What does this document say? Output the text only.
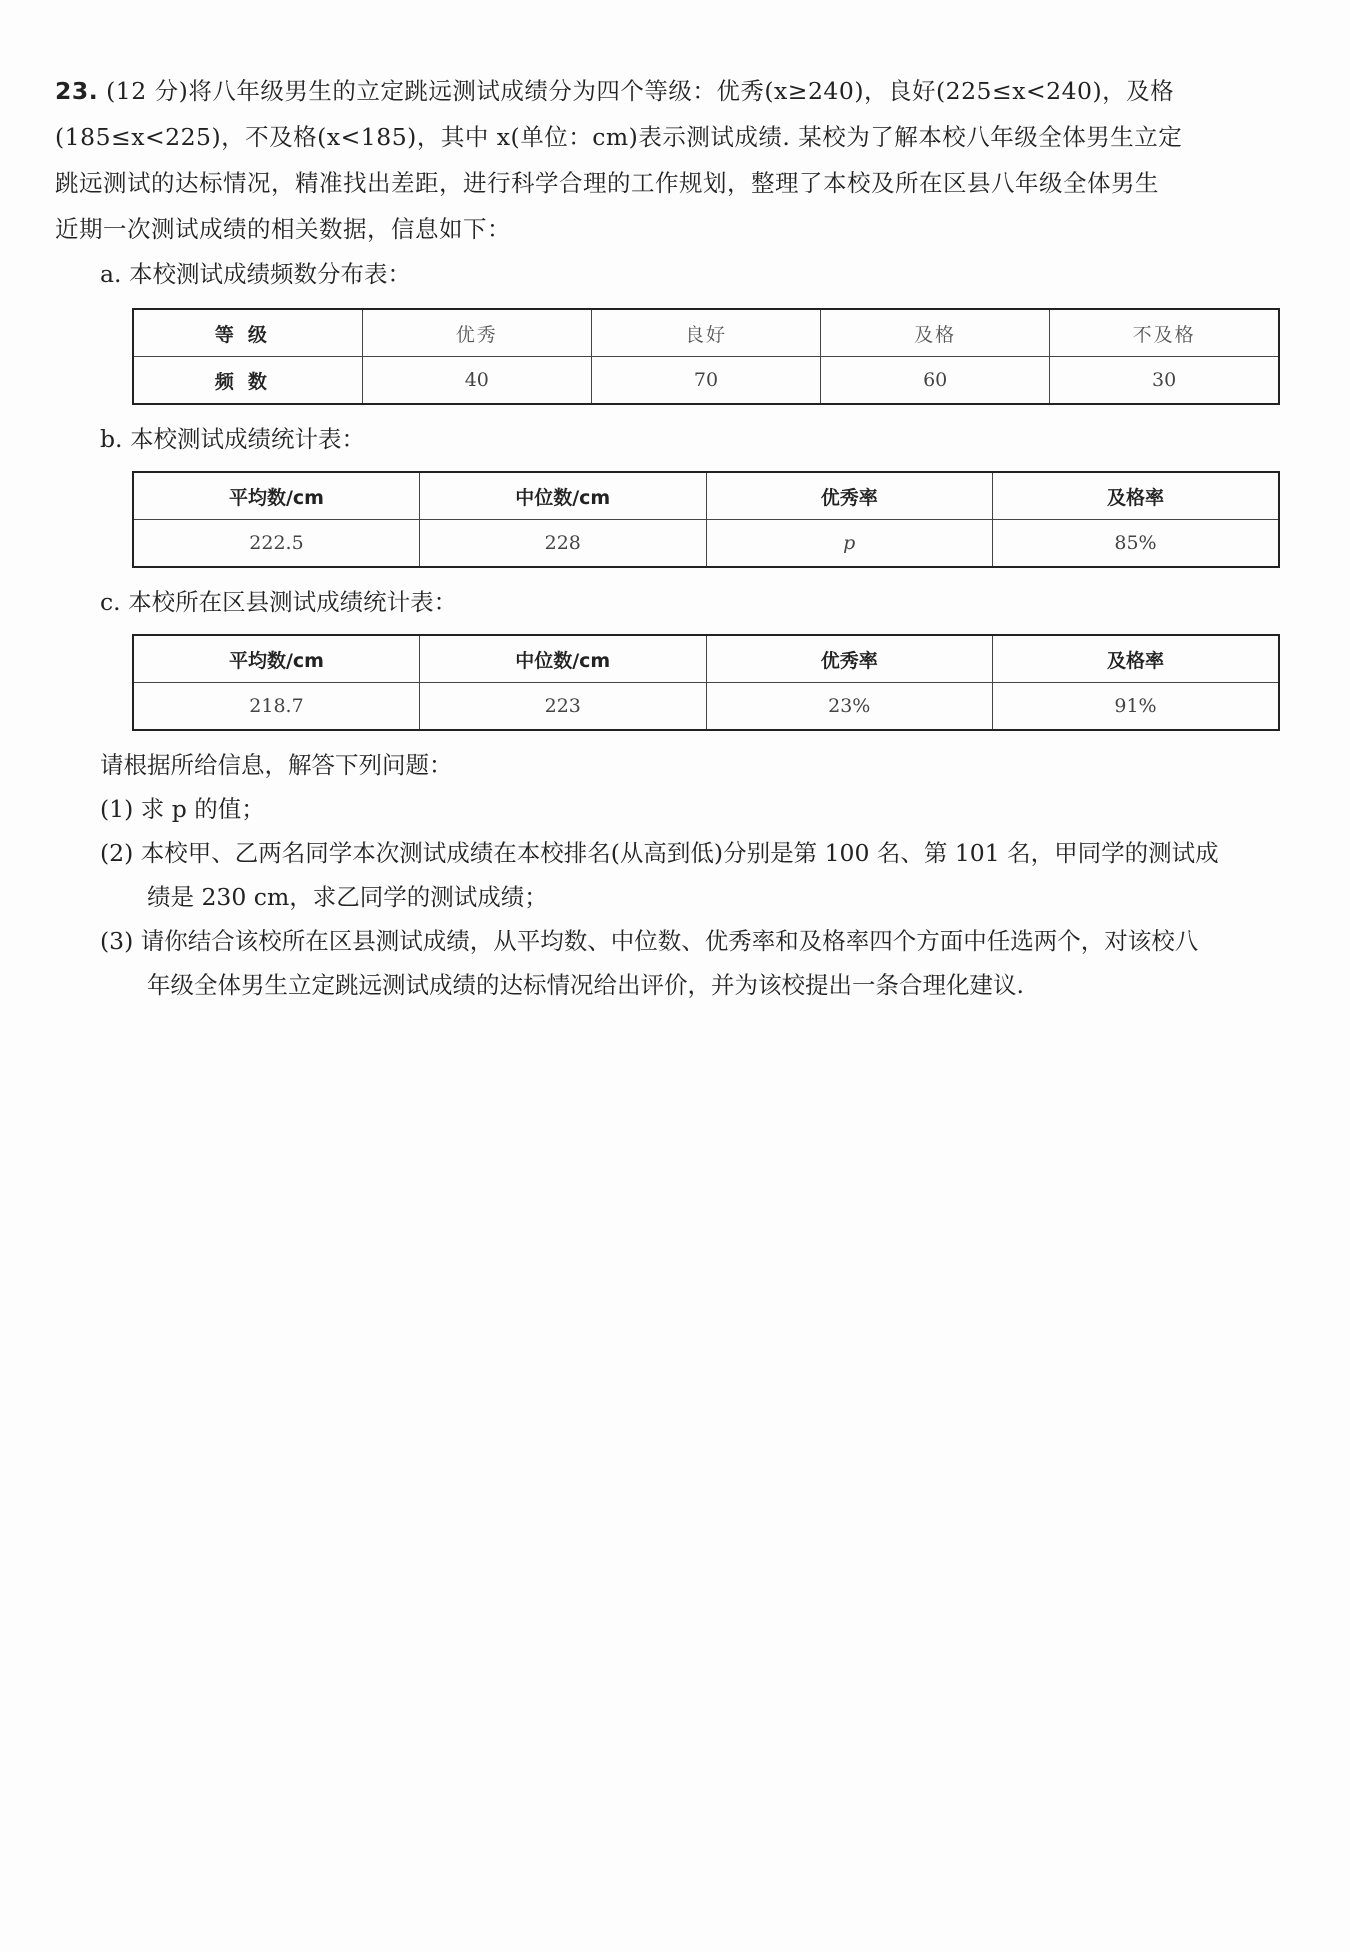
23. (12 分)将八年级男生的立定跳远测试成绩分为四个等级：优秀(x≥240)，良好(225≤x<240)，及格
(185≤x<225)，不及格(x<185)，其中 x(单位：cm)表示测试成绩. 某校为了解本校八年级全体男生立定
跳远测试的达标情况，精准找出差距，进行科学合理的工作规划，整理了本校及所在区县八年级全体男生
近期一次测试成绩的相关数据，信息如下：
a. 本校测试成绩频数分布表：
等级	优秀	良好	及格	不及格
频数	40	70	60	30
b. 本校测试成绩统计表：
平均数/cm	中位数/cm	优秀率	及格率
222.5	228	p	85%
c. 本校所在区县测试成绩统计表：
平均数/cm	中位数/cm	优秀率	及格率
218.7	223	23%	91%
请根据所给信息，解答下列问题：
(1) 求 p 的值；
(2) 本校甲、乙两名同学本次测试成绩在本校排名(从高到低)分别是第 100 名、第 101 名，甲同学的测试成
绩是 230 cm，求乙同学的测试成绩；
(3) 请你结合该校所在区县测试成绩，从平均数、中位数、优秀率和及格率四个方面中任选两个，对该校八
年级全体男生立定跳远测试成绩的达标情况给出评价，并为该校提出一条合理化建议.
